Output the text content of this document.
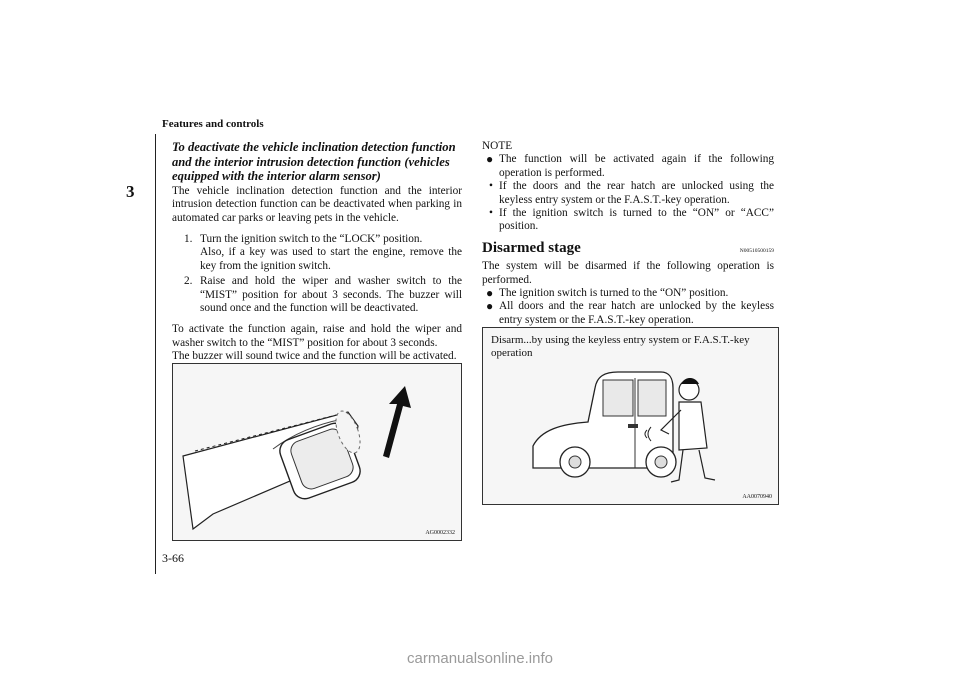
Features and controls
3
3-66
To deactivate the vehicle inclination detection function and the interior intrusion detection function (vehicles equipped with the interior alarm sensor)

The vehicle inclination detection function and the interior intrusion detection function can be deactivated when parking in automated car parks or leaving pets in the vehicle.

1. Turn the ignition switch to the “LOCK” position.
Also, if a key was used to start the engine, remove the key from the ignition switch.
2. Raise and hold the wiper and washer switch to the “MIST” position for about 3 seconds. The buzzer will sound once and the function will be deactivated.

To activate the function again, raise and hold the wiper and washer switch to the “MIST” position for about 3 seconds.

The buzzer will sound twice and the function will be activated.

AG0002332
NOTE
● The function will be activated again if the following operation is performed.
• If the doors and the rear hatch are unlocked using the keyless entry system or the F.A.S.T.-key operation.
• If the ignition switch is turned to the “ON” or “ACC” position.
Disarmed stage	N00510500159

The system will be disarmed if the following operation is performed.

● The ignition switch is turned to the “ON” position.
● All doors and the rear hatch are unlocked by the keyless entry system or the F.A.S.T.-key operation.
Disarm...by using the keyless entry system or F.A.S.T.-key operation
AA0070940
carmanualsonline.info
